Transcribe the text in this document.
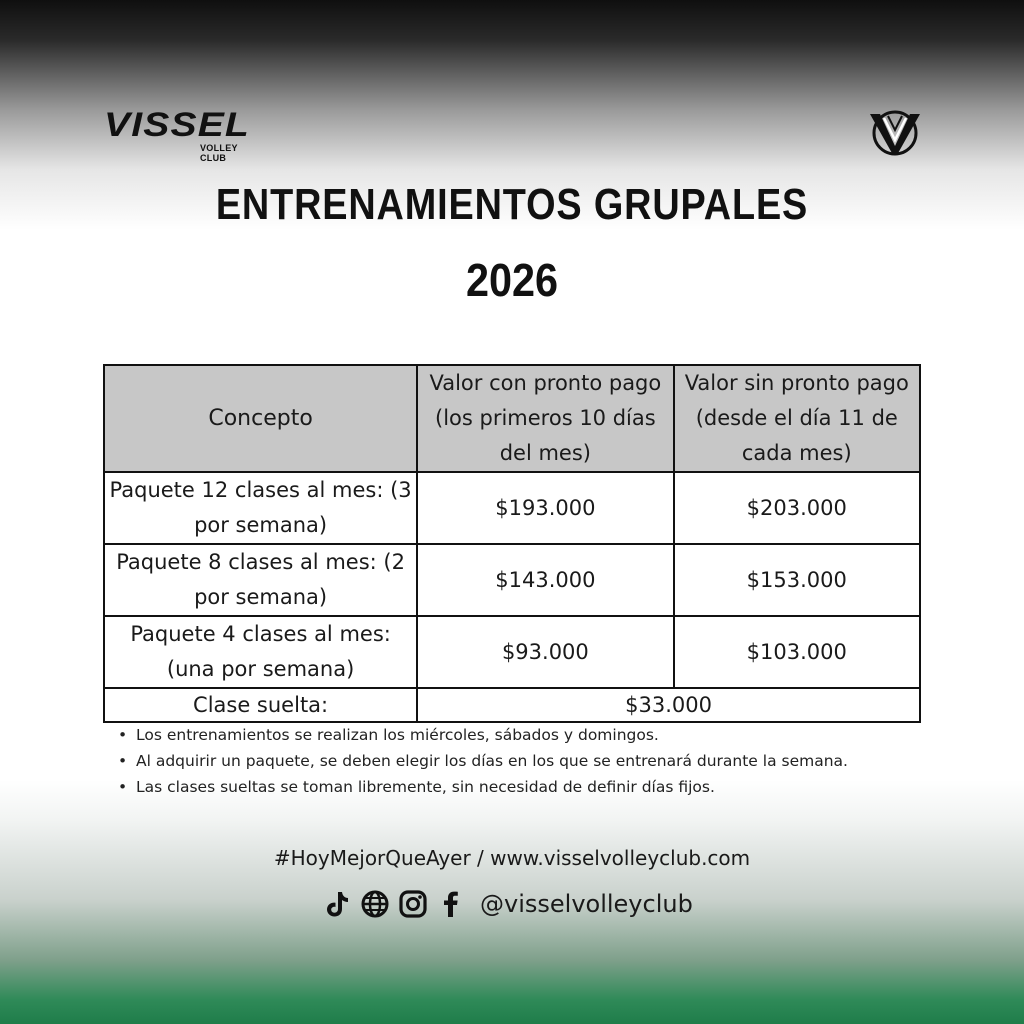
VISSEL
VOLLEY CLUB
ENTRENAMIENTOS GRUPALES
2026
Concepto	Valor con pronto pago (los primeros 10 días del mes)	Valor sin pronto pago (desde el día 11 de cada mes)
Paquete 12 clases al mes: (3 por semana)	$193.000	$203.000
Paquete 8 clases al mes: (2 por semana)	$143.000	$153.000
Paquete 4 clases al mes: (una por semana)	$93.000	$103.000
Clase suelta:	$33.000	
• Los entrenamientos se realizan los miércoles, sábados y domingos.
• Al adquirir un paquete, se deben elegir los días en los que se entrenará durante la semana.
• Las clases sueltas se toman libremente, sin necesidad de definir días fijos.
#HoyMejorQueAyer / www.visselvolleyclub.com
@visselvolleyclub
